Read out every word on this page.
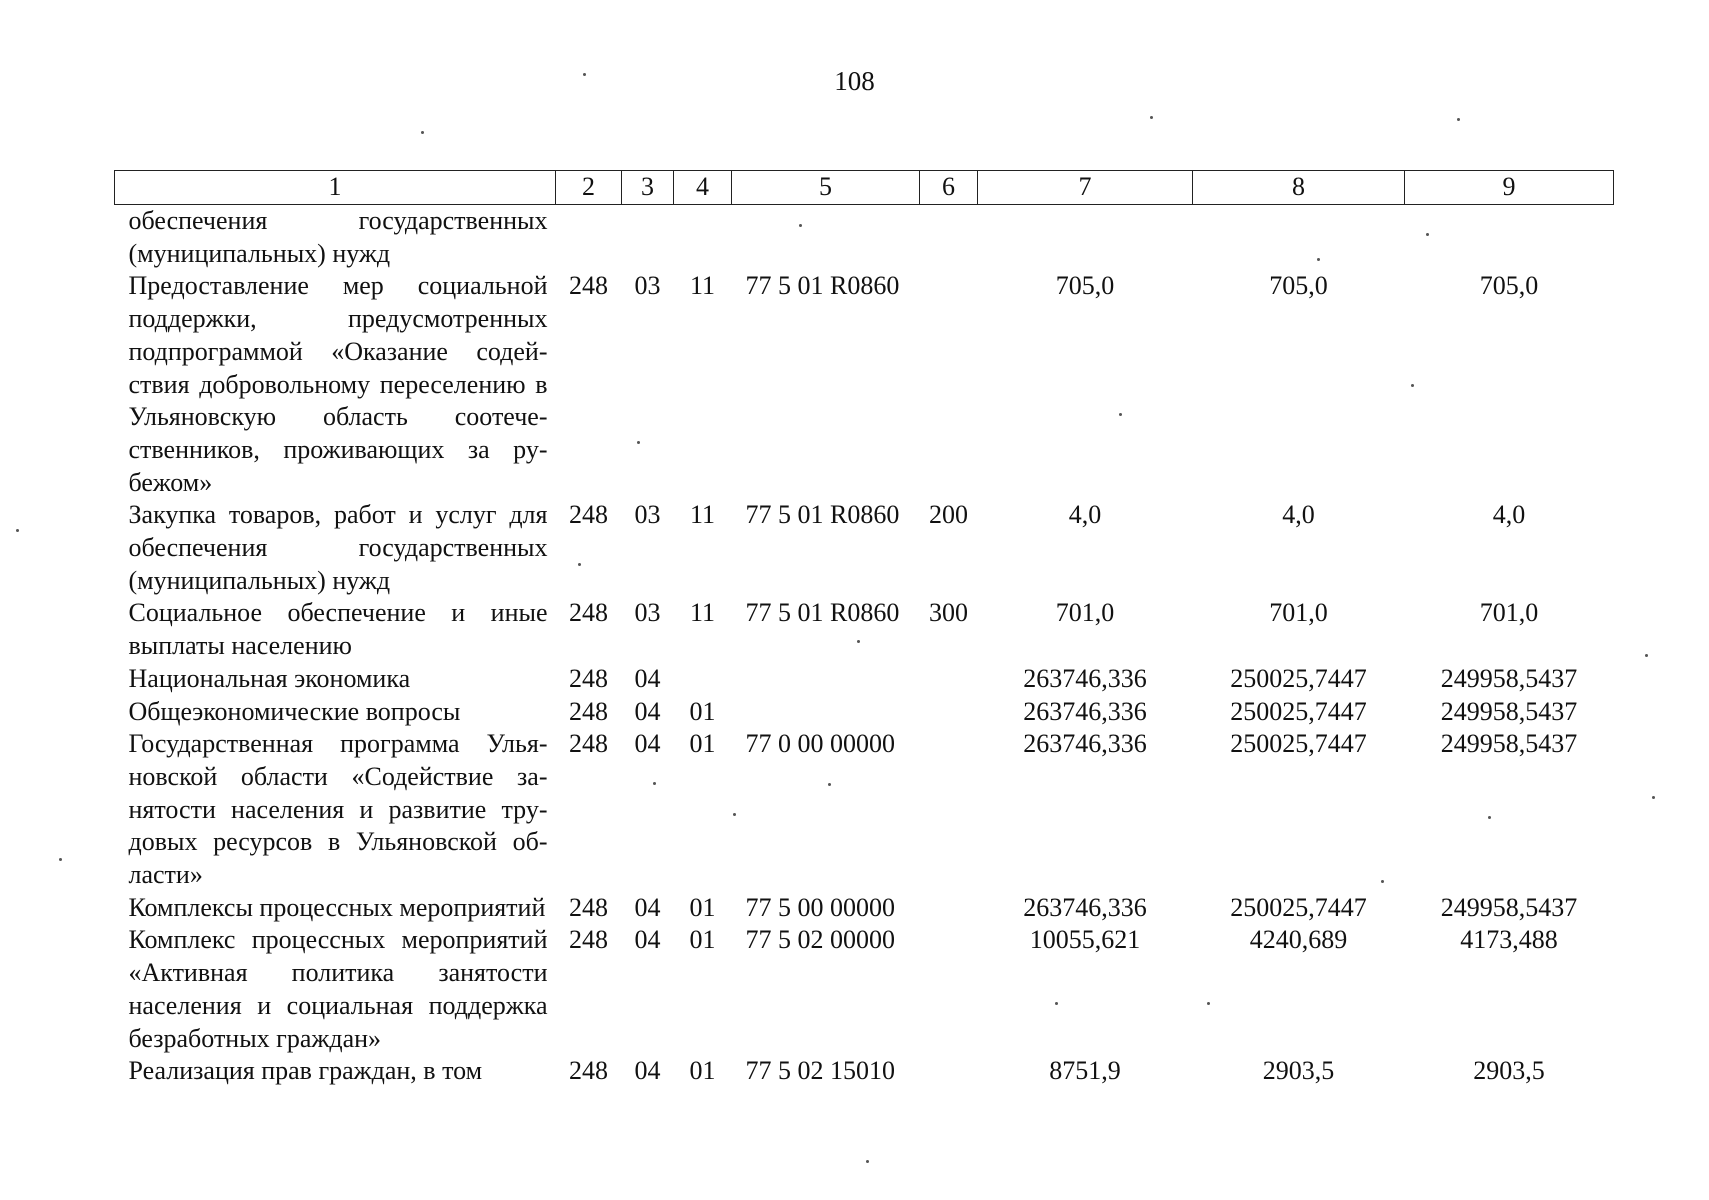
108
1	2	3	4	5	6	7	8	9
обеспечения государственных (муниципальных) нужд								
Предоставление мер социальной поддержки, предусмотренных подпрограммой «Оказание содействия добровольному переселению в Ульяновскую область соотечественников, проживающих за рубежом»	248	03	11	77 5 01 R0860		705,0	705,0	705,0
Закупка товаров, работ и услуг для обеспечения государственных (муниципальных) нужд	248	03	11	77 5 01 R0860	200	4,0	4,0	4,0
Социальное обеспечение и иные выплаты населению	248	03	11	77 5 01 R0860	300	701,0	701,0	701,0
Национальная экономика	248	04				263746,336	250025,7447	249958,5437
Общеэкономические вопросы	248	04	01			263746,336	250025,7447	249958,5437
Государственная программа Ульяновской области «Содействие занятости населения и развитие трудовых ресурсов в Ульяновской области»	248	04	01	77 0 00 00000		263746,336	250025,7447	249958,5437
Комплексы процессных мероприятий	248	04	01	77 5 00 00000		263746,336	250025,7447	249958,5437
Комплекс процессных мероприятий «Активная политика занятости населения и социальная поддержка безработных граждан»	248	04	01	77 5 02 00000		10055,621	4240,689	4173,488
Реализация прав граждан, в том	248	04	01	77 5 02 15010		8751,9	2903,5	2903,5
